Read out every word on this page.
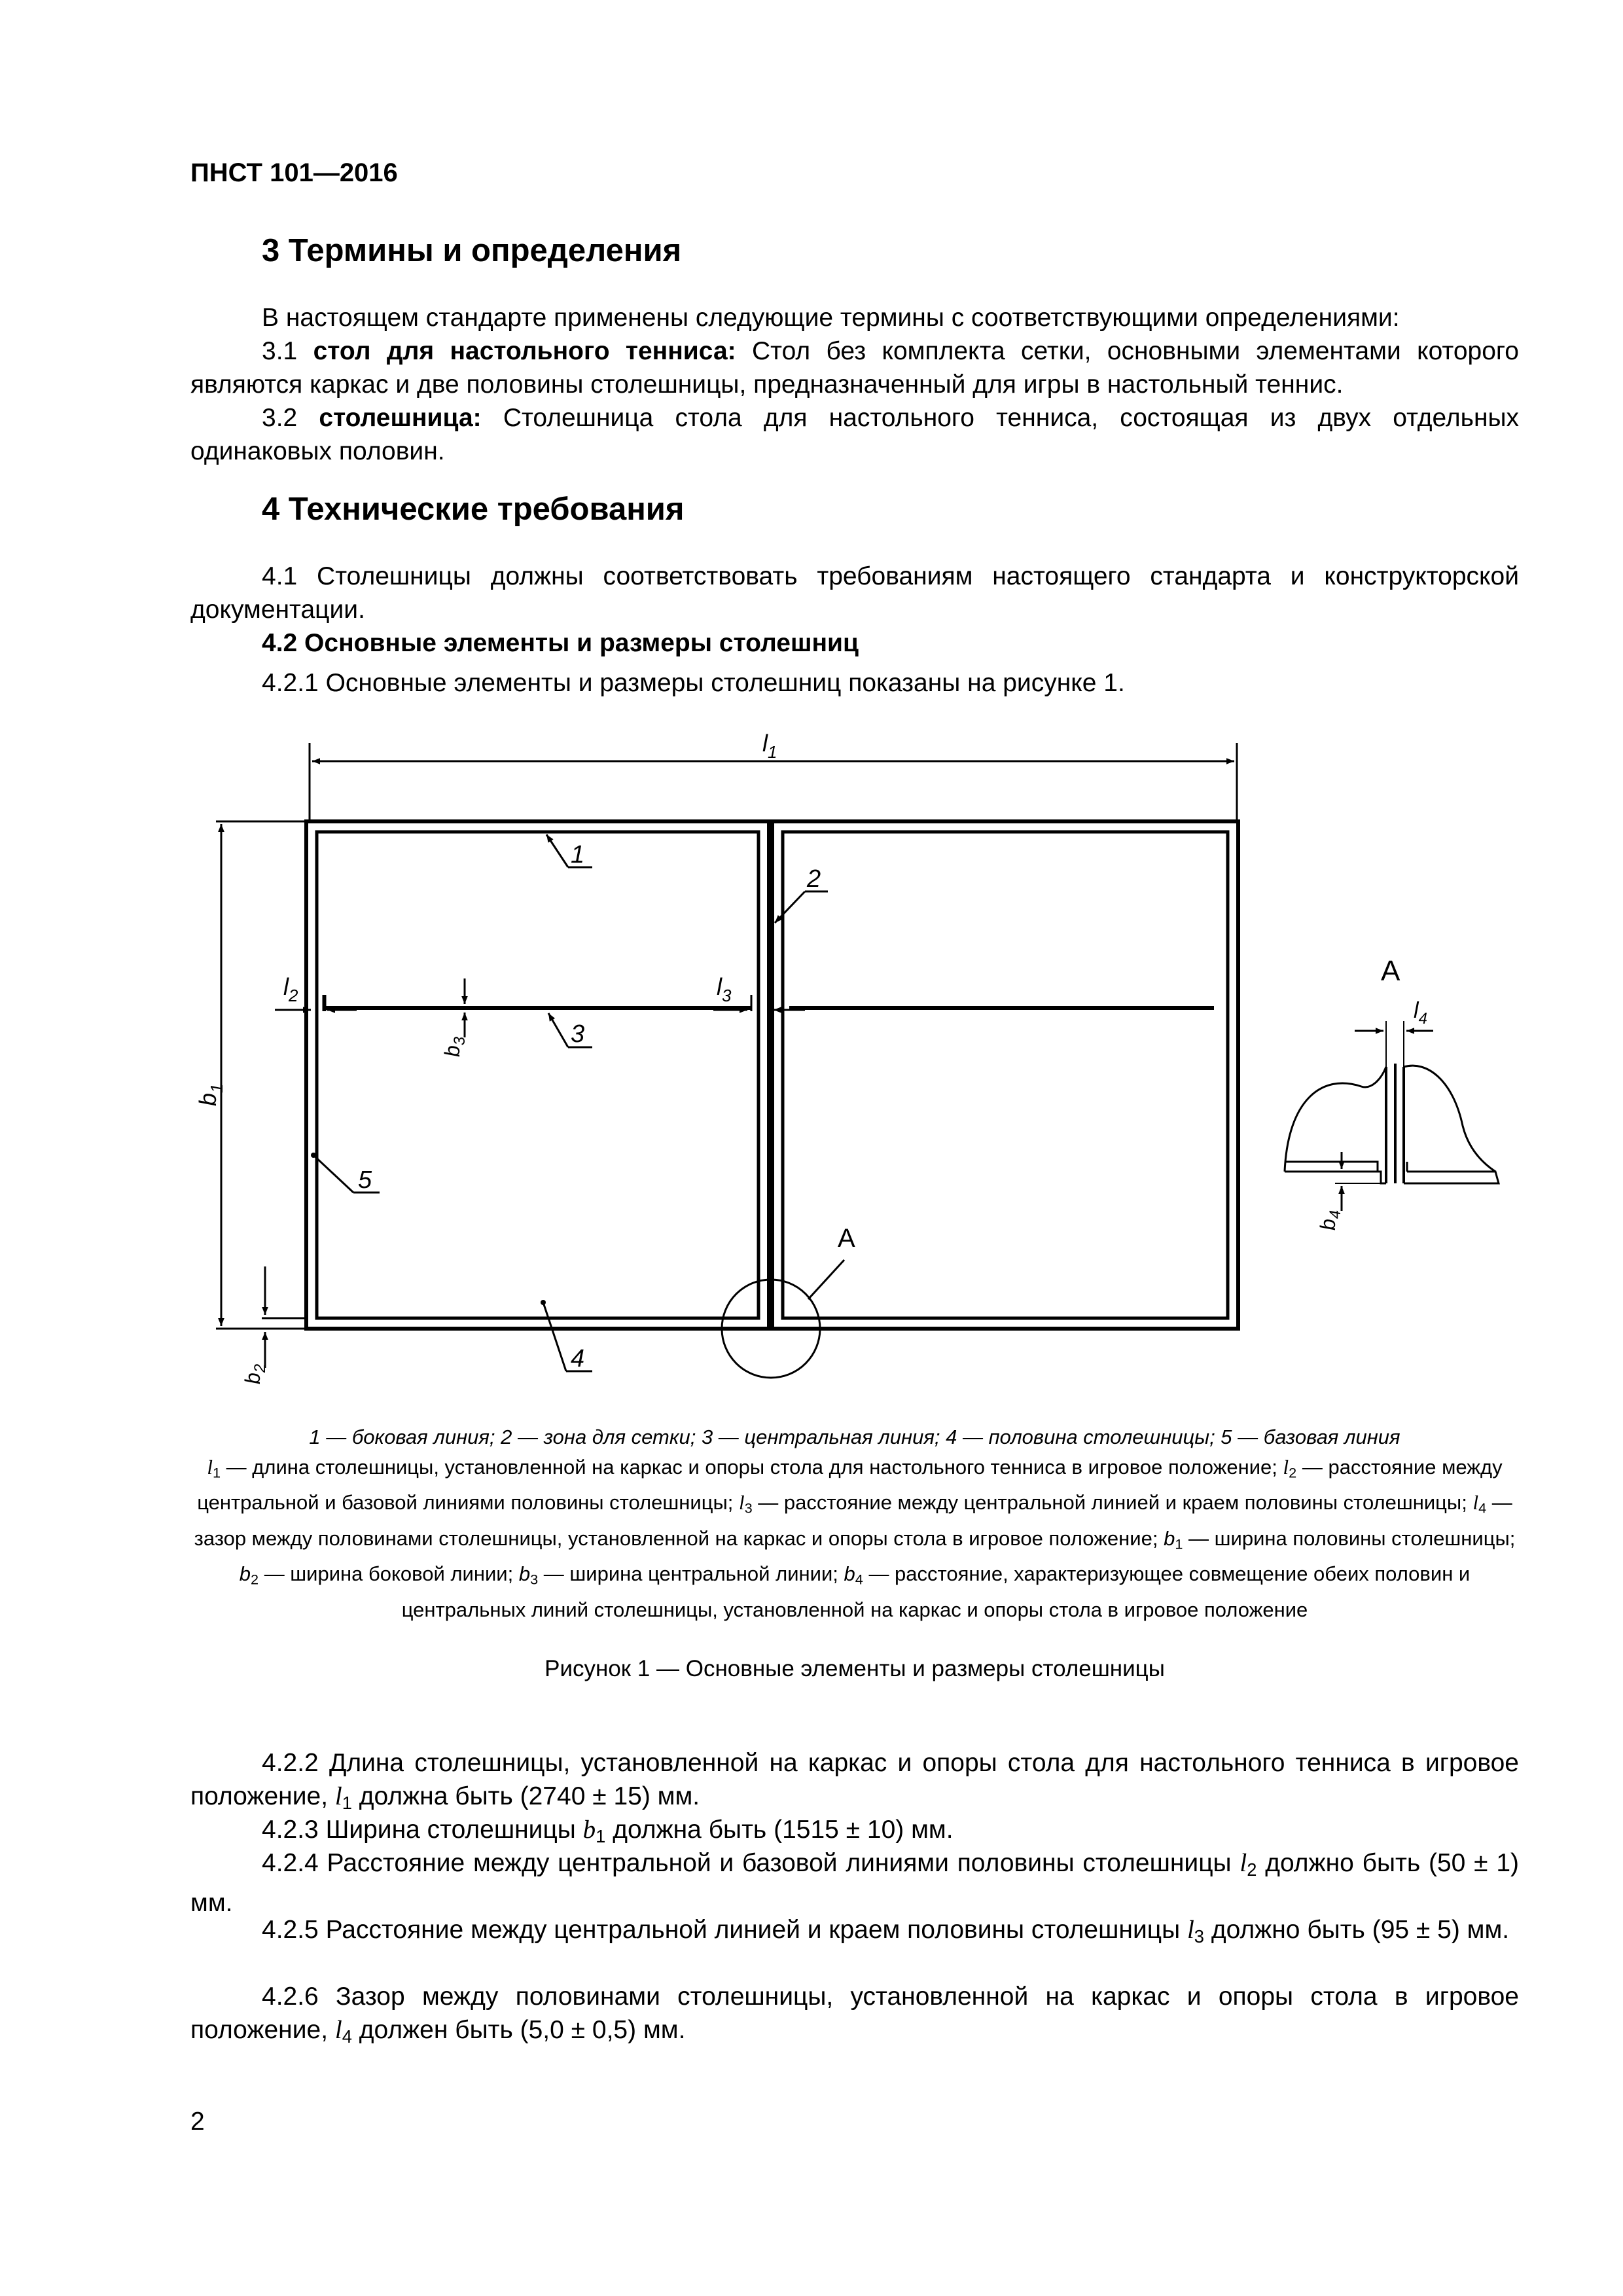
ПНСТ 101—2016
3 Термины и определения

В настоящем стандарте применены следующие термины с соответствующими определениями:

3.1 стол для настольного тенниса: Стол без комплекта сетки, основными элементами которого являются каркас и две половины столешницы, предназначенный для игры в настольный теннис.

3.2 столешница: Столешница стола для настольного тенниса, состоящая из двух отдельных одинаковых половин.

4 Технические требования

4.1 Столешницы должны соответствовать требованиям настоящего стандарта и конструкторской документации.

4.2 Основные элементы и размеры столешниц

4.2.1 Основные элементы и размеры столешниц показаны на рисунке 1.

$l_1$
$l_2$	$l_3$
$b_3$
$b_1$
$b_2$
1
2
3
4
5
А
А
$l_4$
$b_4$
1 — боковая линия; 2 — зона для сетки; 3 — центральная линия; 4 — половина столешницы; 5 — базовая линия
$l_1$ — длина столешницы, установленной на каркас и опоры стола для настольного тенниса в игровое положение; $l_2$ — расстояние между центральной и базовой линиями половины столешницы; $l_3$ — расстояние между центральной линией и краем половины столешницы; $l_4$ — зазор между половинами столешницы, установленной на каркас и опоры стола в игровое положение; $b_1$ — ширина половины столешницы; $b_2$ — ширина боковой линии; $b_3$ — ширина центральной линии; $b_4$ — расстояние, характеризующее совмещение обеих половин и центральных линий столешницы, установленной на каркас и опоры стола в игровое положение
Рисунок 1 — Основные элементы и размеры столешницы

4.2.2 Длина столешницы, установленной на каркас и опоры стола для настольного тенниса в игровое положение, $l_1$ должна быть (2740 ± 15) мм.

4.2.3 Ширина столешницы $b_1$ должна быть (1515 ± 10) мм.

4.2.4 Расстояние между центральной и базовой линиями половины столешницы $l_2$ должно быть (50 ± 1) мм.

4.2.5 Расстояние между центральной линией и краем половины столешницы $l_3$ должно быть (95 ± 5) мм.

4.2.6 Зазор между половинами столешницы, установленной на каркас и опоры стола в игровое положение, $l_4$ должен быть (5,0 ± 0,5) мм.

2
